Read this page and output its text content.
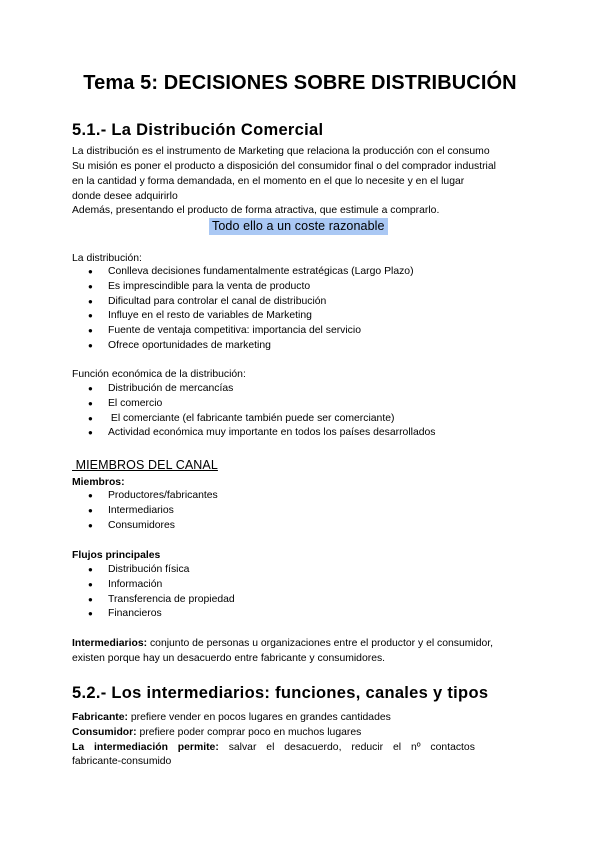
Tema 5: DECISIONES SOBRE DISTRIBUCIÓN
5.1.- La Distribución Comercial

La distribución es el instrumento de Marketing que relaciona la producción con el consumo

Su misión es poner el producto a disposición del consumidor final o del comprador industrial

en la cantidad y forma demandada, en el momento en el que lo necesite y en el lugar

donde desee adquirirlo

Además, presentando el producto de forma atractiva, que estimule a comprarlo.

Todo ello a un coste razonable

La distribución:

● Conlleva decisiones fundamentalmente estratégicas (Largo Plazo)
● Es imprescindible para la venta de producto
● Dificultad para controlar el canal de distribución
● Influye en el resto de variables de Marketing
● Fuente de ventaja competitiva: importancia del servicio
● Ofrece oportunidades de marketing

Función económica de la distribución:

● Distribución de mercancías
● El comercio
● El comerciante (el fabricante también puede ser comerciante)
● Actividad económica muy importante en todos los países desarrollados
MIEMBROS DEL CANAL

Miembros:

● Productores/fabricantes
● Intermediarios
● Consumidores

Flujos principales

● Distribución física
● Información
● Transferencia de propiedad
● Financieros

Intermediarios: conjunto de personas u organizaciones entre el productor y el consumidor,

existen porque hay un desacuerdo entre fabricante y consumidores.

5.2.- Los intermediarios: funciones, canales y tipos

Fabricante: prefiere vender en pocos lugares en grandes cantidades

Consumidor: prefiere poder comprar poco en muchos lugares

La intermediación permite: salvar el desacuerdo, reducir el nº contactos

fabricante-consumido
